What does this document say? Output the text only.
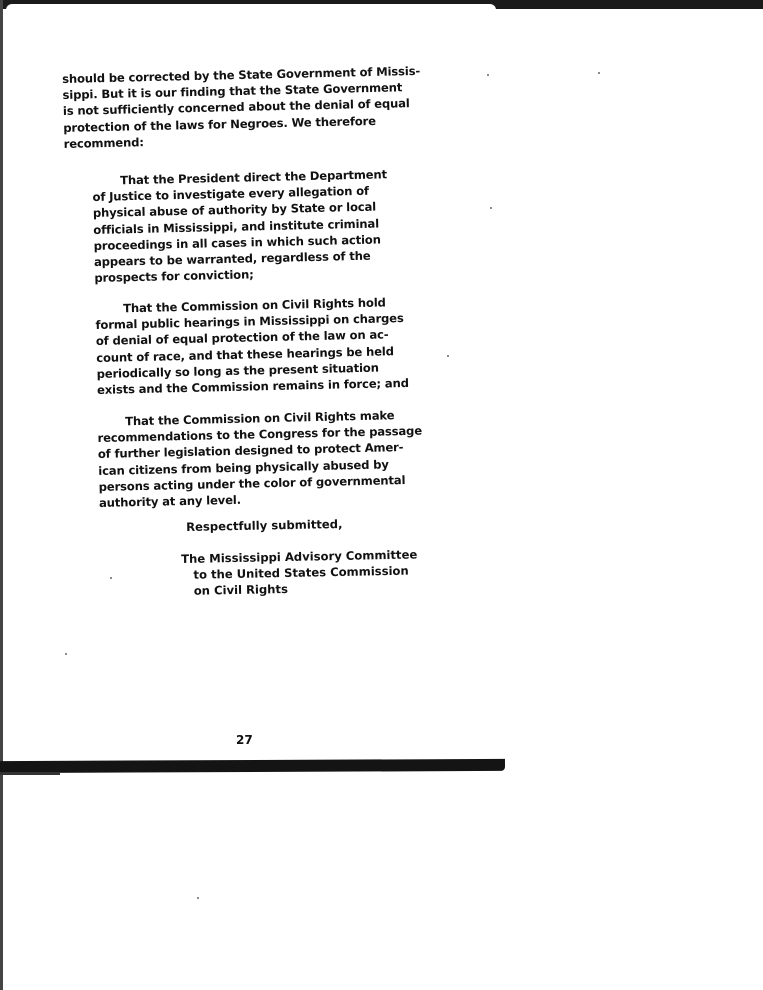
should be corrected by the State Government of Missis-
sippi. But it is our finding that the State Government
is not sufficiently concerned about the denial of equal
protection of the laws for Negroes. We therefore
recommend:
That the President direct the Department
of Justice to investigate every allegation of
physical abuse of authority by State or local
officials in Mississippi, and institute criminal
proceedings in all cases in which such action
appears to be warranted, regardless of the
prospects for conviction;
That the Commission on Civil Rights hold
formal public hearings in Mississippi on charges
of denial of equal protection of the law on ac-
count of race, and that these hearings be held
periodically so long as the present situation
exists and the Commission remains in force; and
That the Commission on Civil Rights make
recommendations to the Congress for the passage
of further legislation designed to protect Amer-
ican citizens from being physically abused by
persons acting under the color of governmental
authority at any level.
Respectfully submitted,
The Mississippi Advisory Committee
to the United States Commission
on Civil Rights
27
